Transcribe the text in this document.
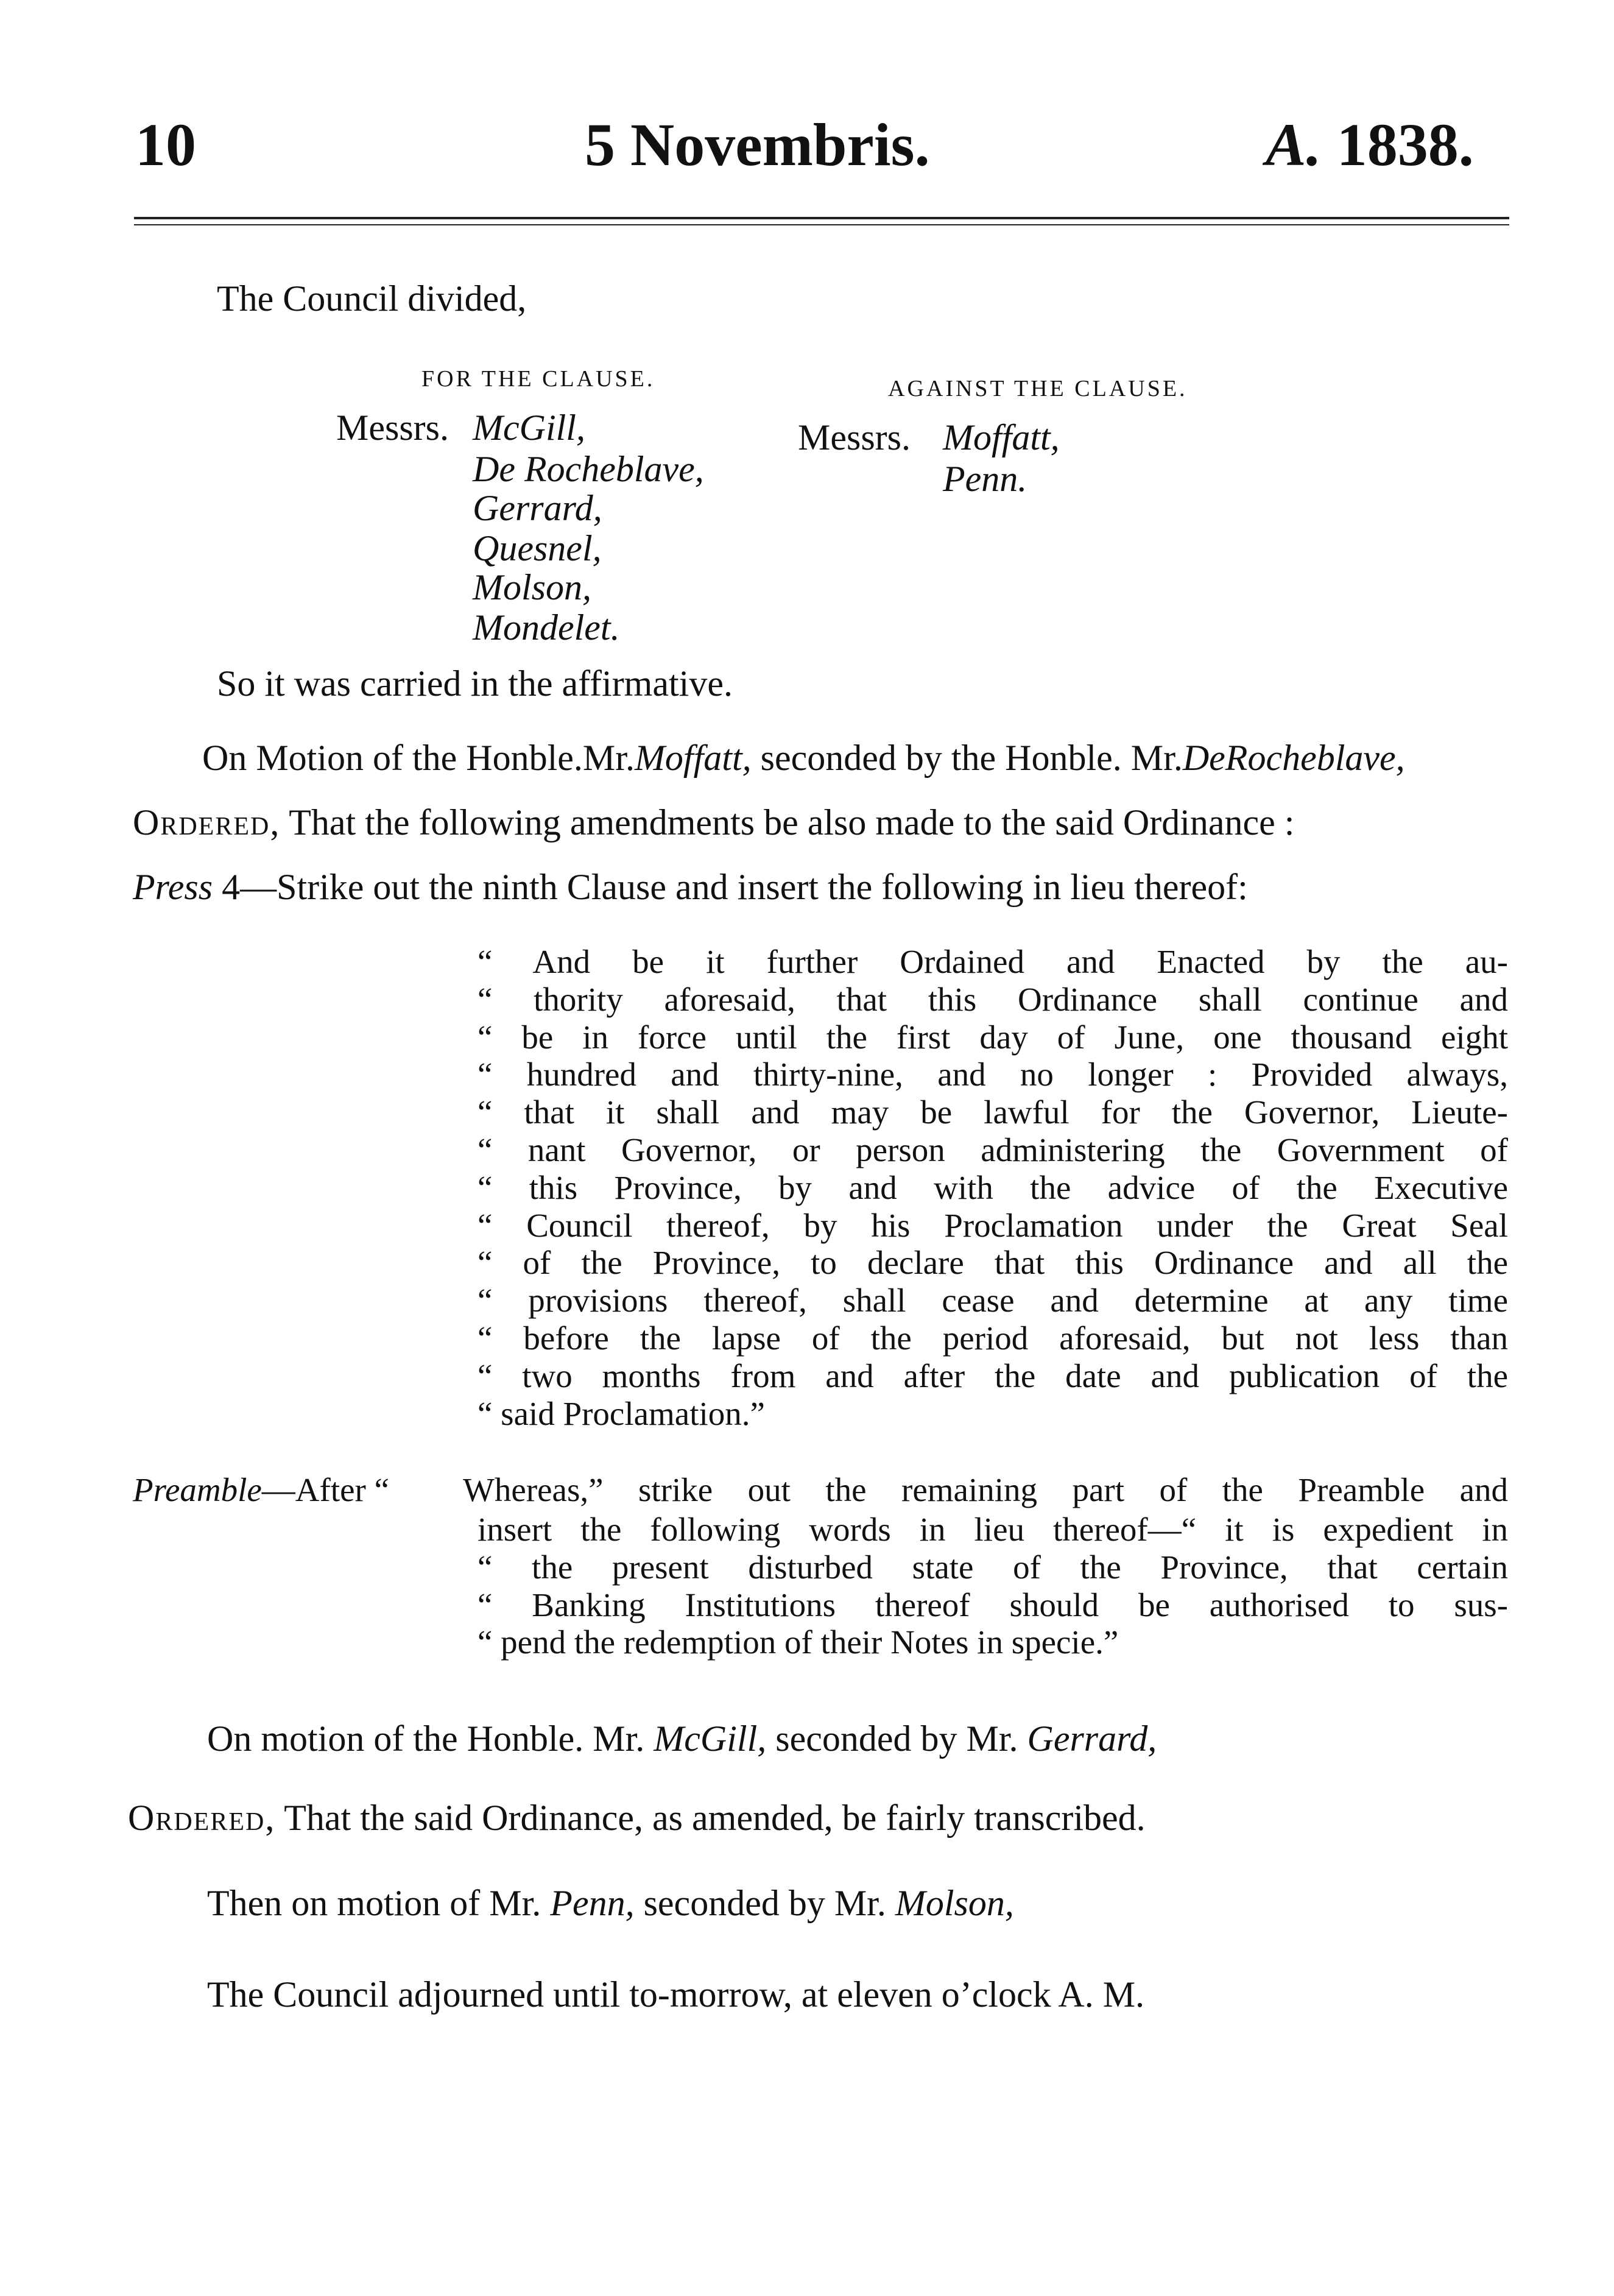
10	5 Novembris.	A. 1838.
The Council divided,
FOR THE CLAUSE.	AGAINST THE CLAUSE.
Messrs. McGill,
De Rocheblave,
Gerrard,
Quesnel,
Molson,
Mondelet.
Messrs. Moffatt,
Penn.
So it was carried in the affirmative.
On Motion of the Honble.Mr.Moffatt, seconded by the Honble. Mr.DeRocheblave,
Ordered, That the following amendments be also made to the said Ordinance :
Press 4—Strike out the ninth Clause and insert the following in lieu thereof:
“ And be it further Ordained and Enacted by the au-
“ thority aforesaid, that this Ordinance shall continue and
“ be in force until the first day of June, one thousand eight
“ hundred and thirty-nine, and no longer : Provided always,
“ that it shall and may be lawful for the Governor, Lieute-
“ nant Governor, or person administering the Government of
“ this Province, by and with the advice of the Executive
“ Council thereof, by his Proclamation under the Great Seal
“ of the Province, to declare that this Ordinance and all the
“ provisions thereof, shall cease and determine at any time
“ before the lapse of the period aforesaid, but not less than
“ two months from and after the date and publication of the
“ said Proclamation.”
Preamble—After “ Whereas,” strike out the remaining part of the Preamble and
insert the following words in lieu thereof—“ it is expedient in
“ the present disturbed state of the Province, that certain
“ Banking Institutions thereof should be authorised to sus-
“ pend the redemption of their Notes in specie.”
On motion of the Honble. Mr. McGill, seconded by Mr. Gerrard,
Ordered, That the said Ordinance, as amended, be fairly transcribed.
Then on motion of Mr. Penn, seconded by Mr. Molson,
The Council adjourned until to-morrow, at eleven o’clock A. M.
